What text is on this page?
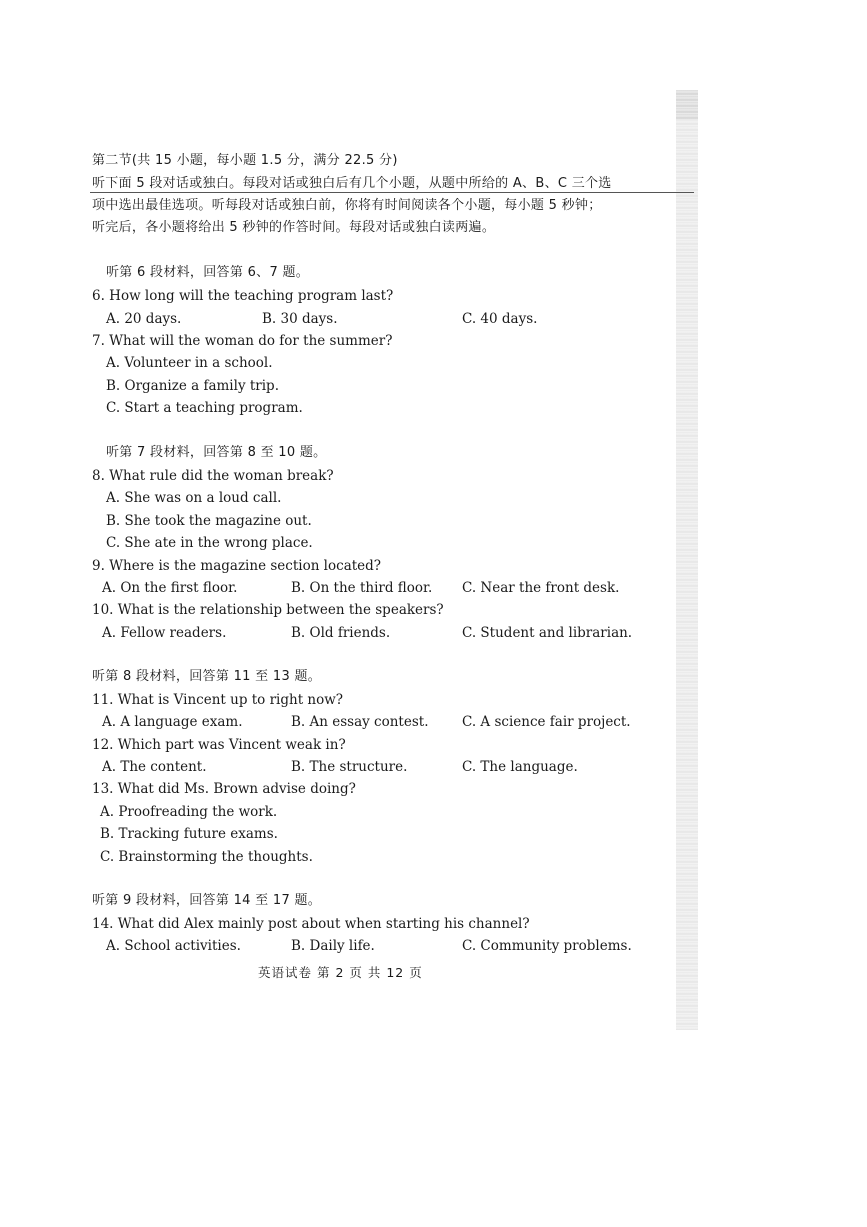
第二节(共 15 小题，每小题 1.5 分，满分 22.5 分)
听下面 5 段对话或独白。每段对话或独白后有几个小题，从题中所给的 A、B、C 三个选
项中选出最佳选项。听每段对话或独白前，你将有时间阅读各个小题，每小题 5 秒钟；
听完后，各小题将给出 5 秒钟的作答时间。每段对话或独白读两遍。
听第 6 段材料，回答第 6、7 题。
6. How long will the teaching program last?
A. 20 days.	B. 30 days.	C. 40 days.
7. What will the woman do for the summer?
A. Volunteer in a school.
B. Organize a family trip.
C. Start a teaching program.
听第 7 段材料，回答第 8 至 10 题。
8. What rule did the woman break?
A. She was on a loud call.
B. She took the magazine out.
C. She ate in the wrong place.
9. Where is the magazine section located?
A. On the first floor.	B. On the third floor. C. Near the front desk.
10. What is the relationship between the speakers?
A. Fellow readers.	B. Old friends.	C. Student and librarian.
听第 8 段材料，回答第 11 至 13 题。
11. What is Vincent up to right now?
A. A language exam.	B. An essay contest. C. A science fair project.
12. Which part was Vincent weak in?
A. The content.	B. The structure.	C. The language.
13. What did Ms. Brown advise doing?
A. Proofreading the work.
B. Tracking future exams.
C. Brainstorming the thoughts.
听第 9 段材料，回答第 14 至 17 题。
14. What did Alex mainly post about when starting his channel?
A. School activities.	B. Daily life.	C. Community problems.
英语试卷 第 2 页 共 12 页
